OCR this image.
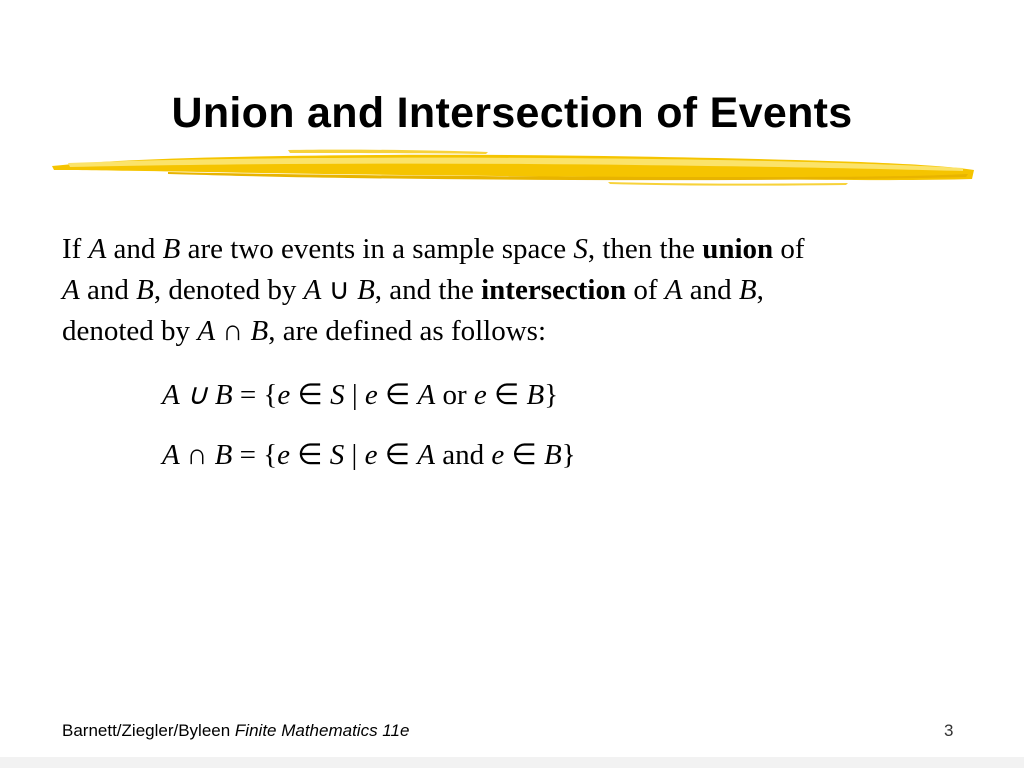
Union and Intersection of Events
If A and B are two events in a sample space S, then the union of
A and B, denoted by A ∪ B, and the intersection of A and B,
denoted by A ∩ B, are defined as follows:
A ∪ B = {e ∈ S | e ∈ A or e ∈ B}
A ∩ B = {e ∈ S | e ∈ A and e ∈ B}
Barnett/Ziegler/Byleen Finite Mathematics 11e	3
